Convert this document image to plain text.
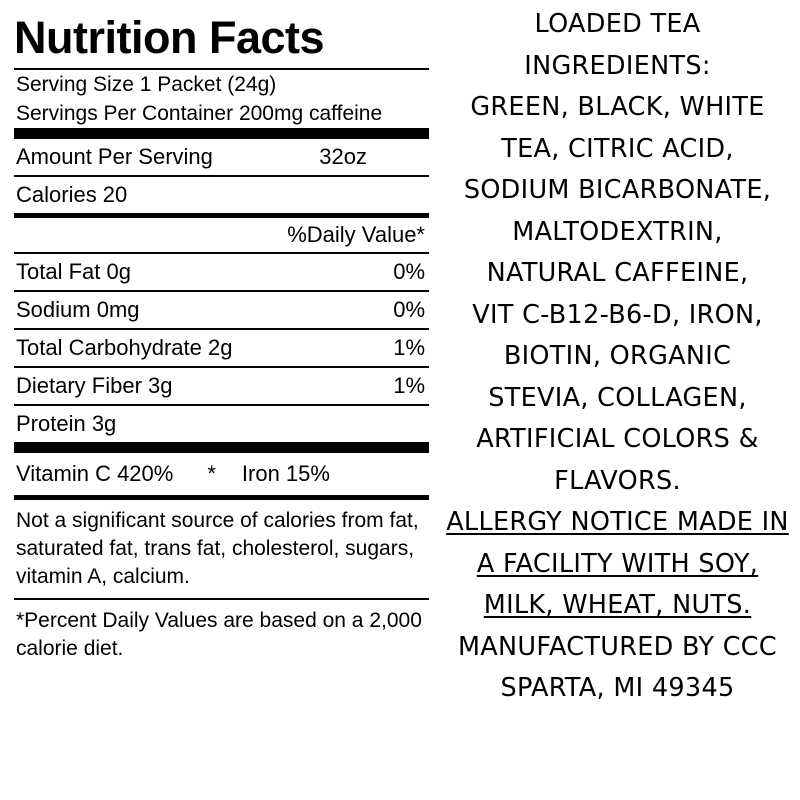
Nutrition Facts
Serving Size 1 Packet (24g)
Servings Per Container 200mg caffeine
Amount Per Serving	32oz
Calories 20
%Daily Value*
Total Fat 0g	0%
Sodium 0mg	0%
Total Carbohydrate 2g	1%
Dietary Fiber 3g	1%
Protein 3g
Vitamin C 420% * Iron 15%
Not a significant source of calories from fat, saturated fat, trans fat, cholesterol, sugars, vitamin A, calcium.
*Percent Daily Values are based on a 2,000 calorie diet.
LOADED TEA
INGREDIENTS:
GREEN, BLACK, WHITE
TEA, CITRIC ACID,
SODIUM BICARBONATE,
MALTODEXTRIN,
NATURAL CAFFEINE,
VIT C-B12-B6-D, IRON,
BIOTIN, ORGANIC
STEVIA, COLLAGEN,
ARTIFICIAL COLORS &
FLAVORS.
ALLERGY NOTICE MADE IN
A FACILITY WITH SOY,
MILK, WHEAT, NUTS.
MANUFACTURED BY CCC
SPARTA, MI 49345
